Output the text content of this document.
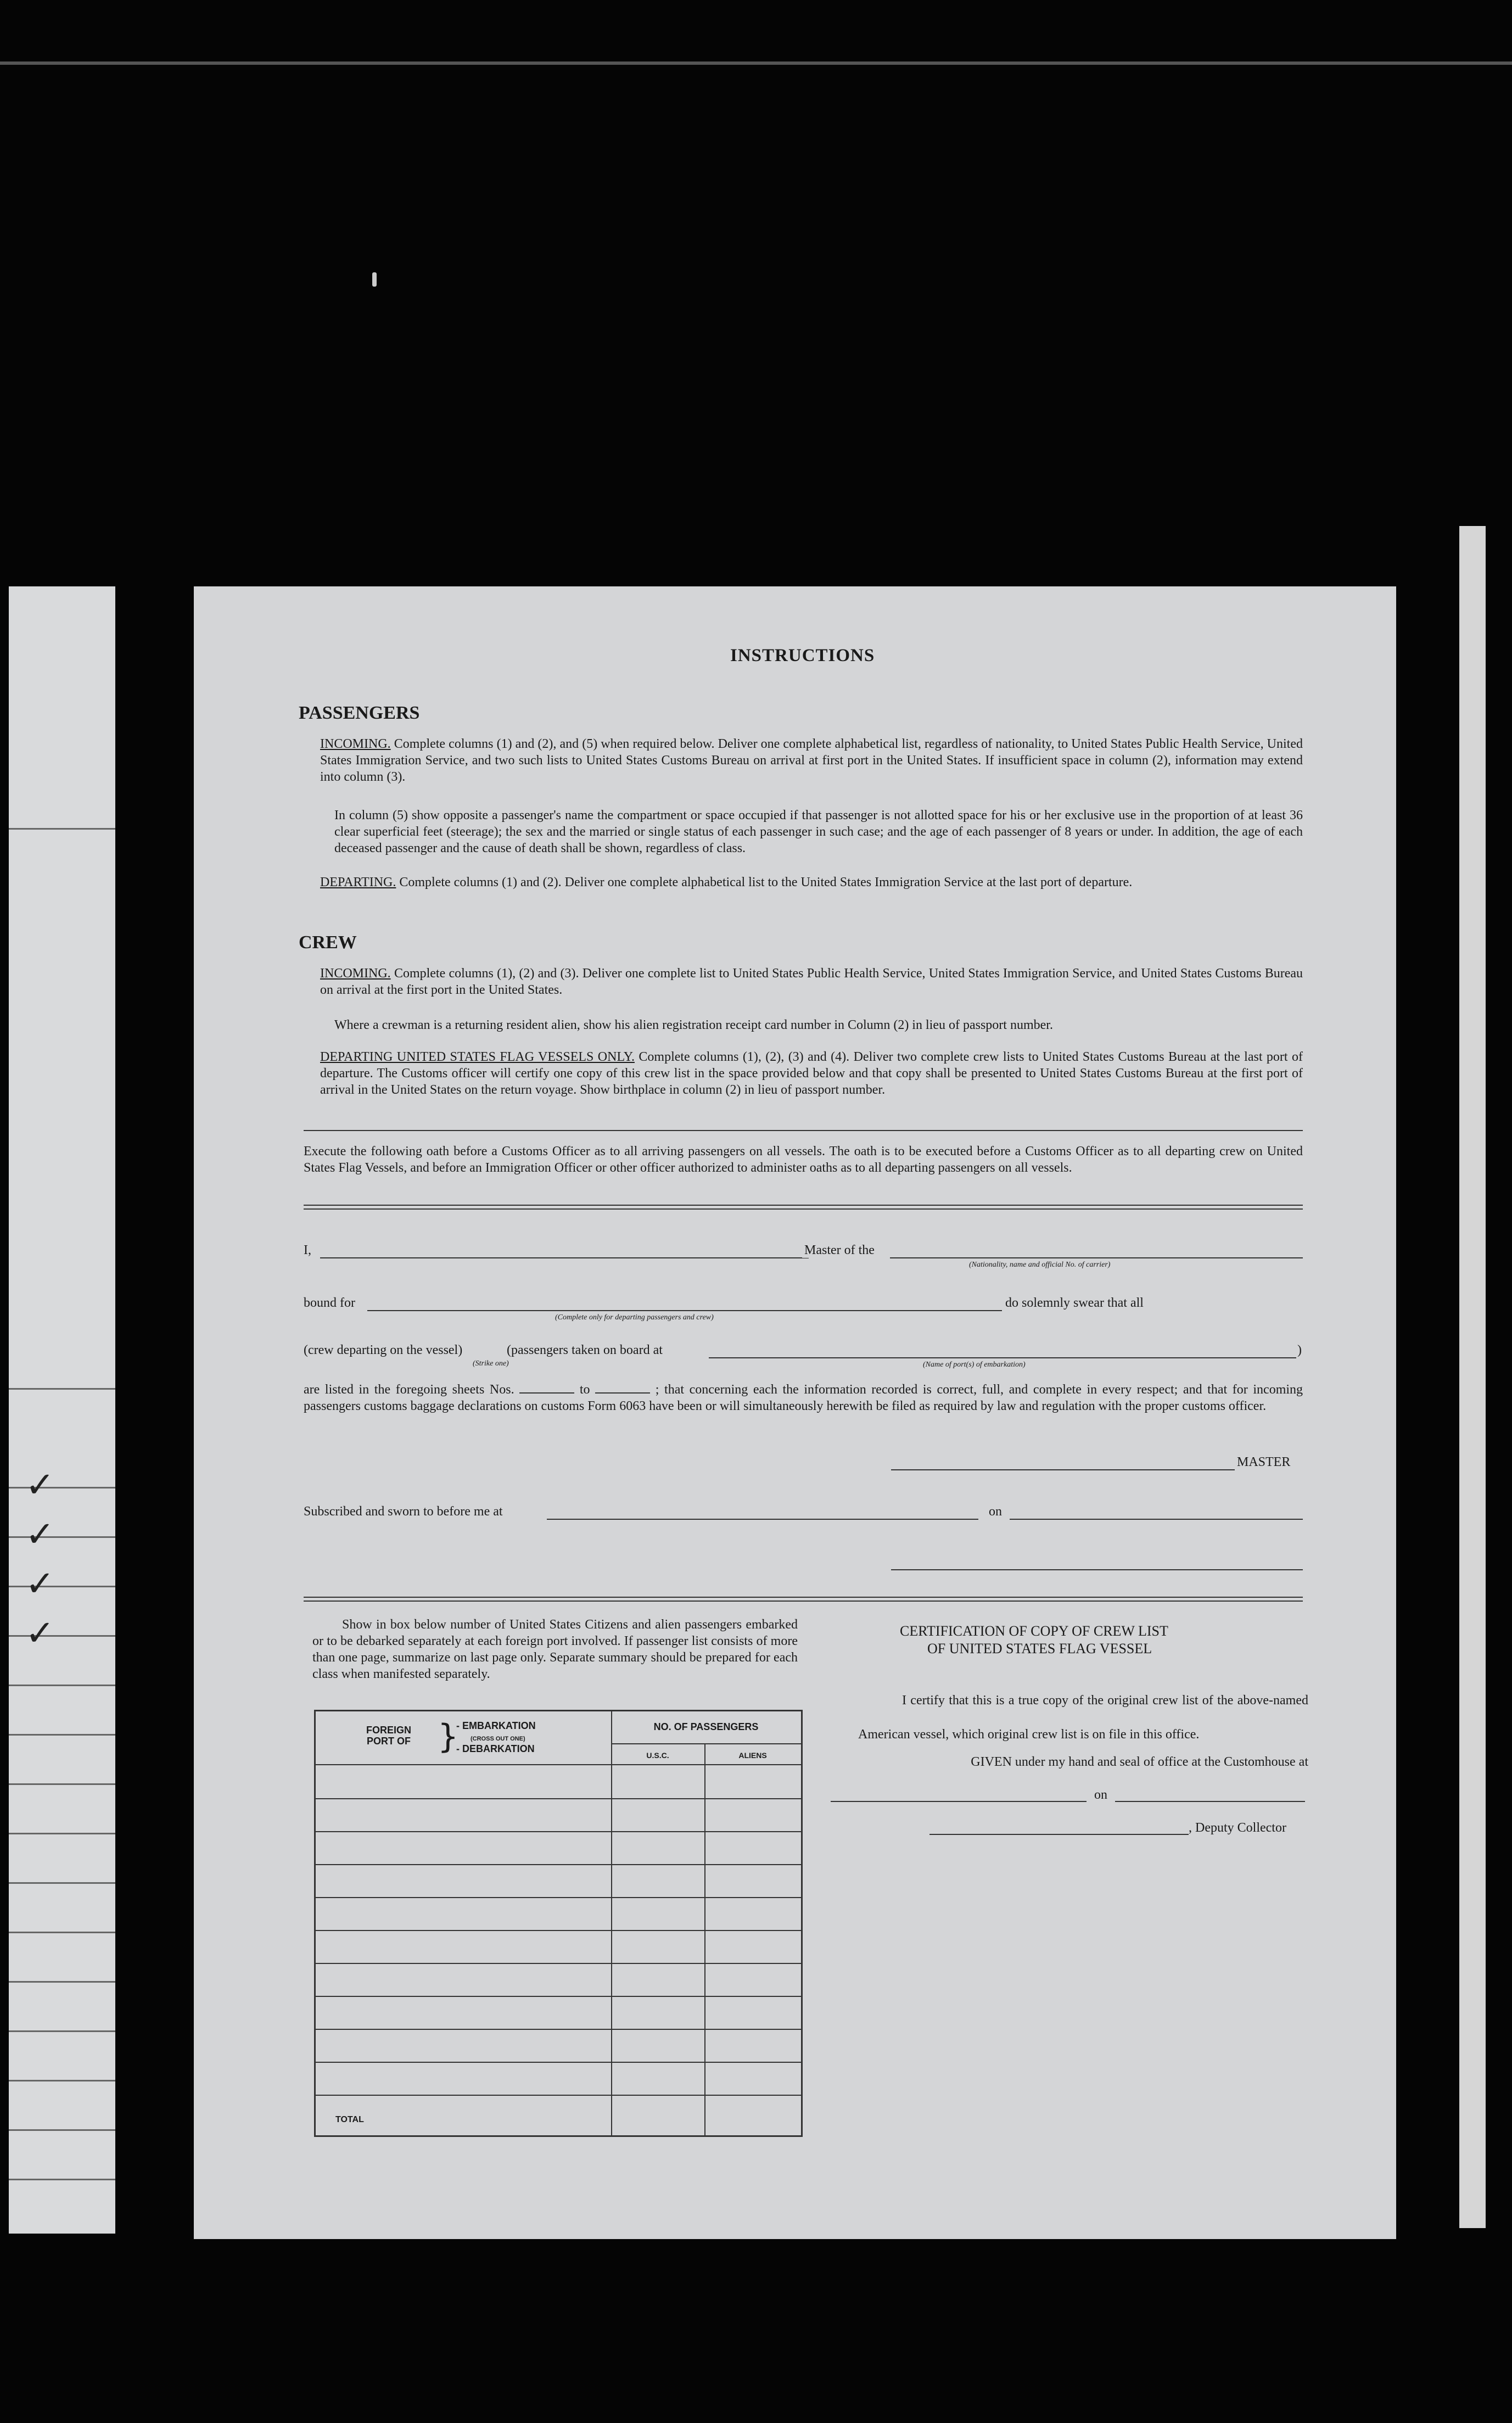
✓
✓
✓
✓
INSTRUCTIONS
PASSENGERS
INCOMING. Complete columns (1) and (2), and (5) when required below. Deliver one complete alphabetical list, regardless of nationality, to United States Public Health Service, United States Immigration Service, and two such lists to United States Customs Bureau on arrival at first port in the United States. If insufficient space in column (2), information may extend into column (3).
In column (5) show opposite a passenger's name the compartment or space occupied if that passenger is not allotted space for his or her exclusive use in the proportion of at least 36 clear superficial feet (steerage); the sex and the married or single status of each passenger in such case; and the age of each passenger of 8 years or under. In addition, the age of each deceased passenger and the cause of death shall be shown, regardless of class.
DEPARTING. Complete columns (1) and (2). Deliver one complete alphabetical list to the United States Immigration Service at the last port of departure.
CREW
INCOMING. Complete columns (1), (2) and (3). Deliver one complete list to United States Public Health Service, United States Immigration Service, and United States Customs Bureau on arrival at the first port in the United States.
Where a crewman is a returning resident alien, show his alien registration receipt card number in Column (2) in lieu of passport number.
DEPARTING UNITED STATES FLAG VESSELS ONLY. Complete columns (1), (2), (3) and (4). Deliver two complete crew lists to United States Customs Bureau at the last port of departure. The Customs officer will certify one copy of this crew list in the space provided below and that copy shall be presented to United States Customs Bureau at the first port of arrival in the United States on the return voyage. Show birthplace in column (2) in lieu of passport number.
Execute the following oath before a Customs Officer as to all arriving passengers on all vessels. The oath is to be executed before a Customs Officer as to all departing crew on United States Flag Vessels, and before an Immigration Officer or other officer authorized to administer oaths as to all departing passengers on all vessels.
I,	Master of the
(Nationality, name and official No. of carrier)
bound for
(Complete only for departing passengers and crew)
do solemnly swear that all
(crew departing on the vessel)	(passengers taken on board at	)
(Strike one)	(Name of port(s) of embarkation)
are listed in the foregoing sheets Nos.	to	; that concerning each the information recorded is correct, full, and complete in every respect; and that for incoming passengers customs baggage declarations on customs Form 6063 have been or will simultaneously herewith be filed as required by law and regulation with the proper customs officer.
MASTER
Subscribed and sworn to before me at	on
Show in box below number of United States Citizens and alien passengers embarked or to be debarked separately at each foreign port involved. If passenger list consists of more than one page, summarize on last page only. Separate summary should be prepared for each class when manifested separately.
CERTIFICATION OF COPY OF CREW LIST
OF UNITED STATES FLAG VESSEL
I certify that this is a true copy of the original crew list of the above-named American vessel, which original crew list is on file in this office.
GIVEN under my hand and seal of office at the Customhouse at
on
, Deputy Collector
FOREIGN PORT OF }
- EMBARKATION
(CROSS OUT ONE)
- DEBARKATION
NO. OF PASSENGERS
U.S.C.	ALIENS
TOTAL
